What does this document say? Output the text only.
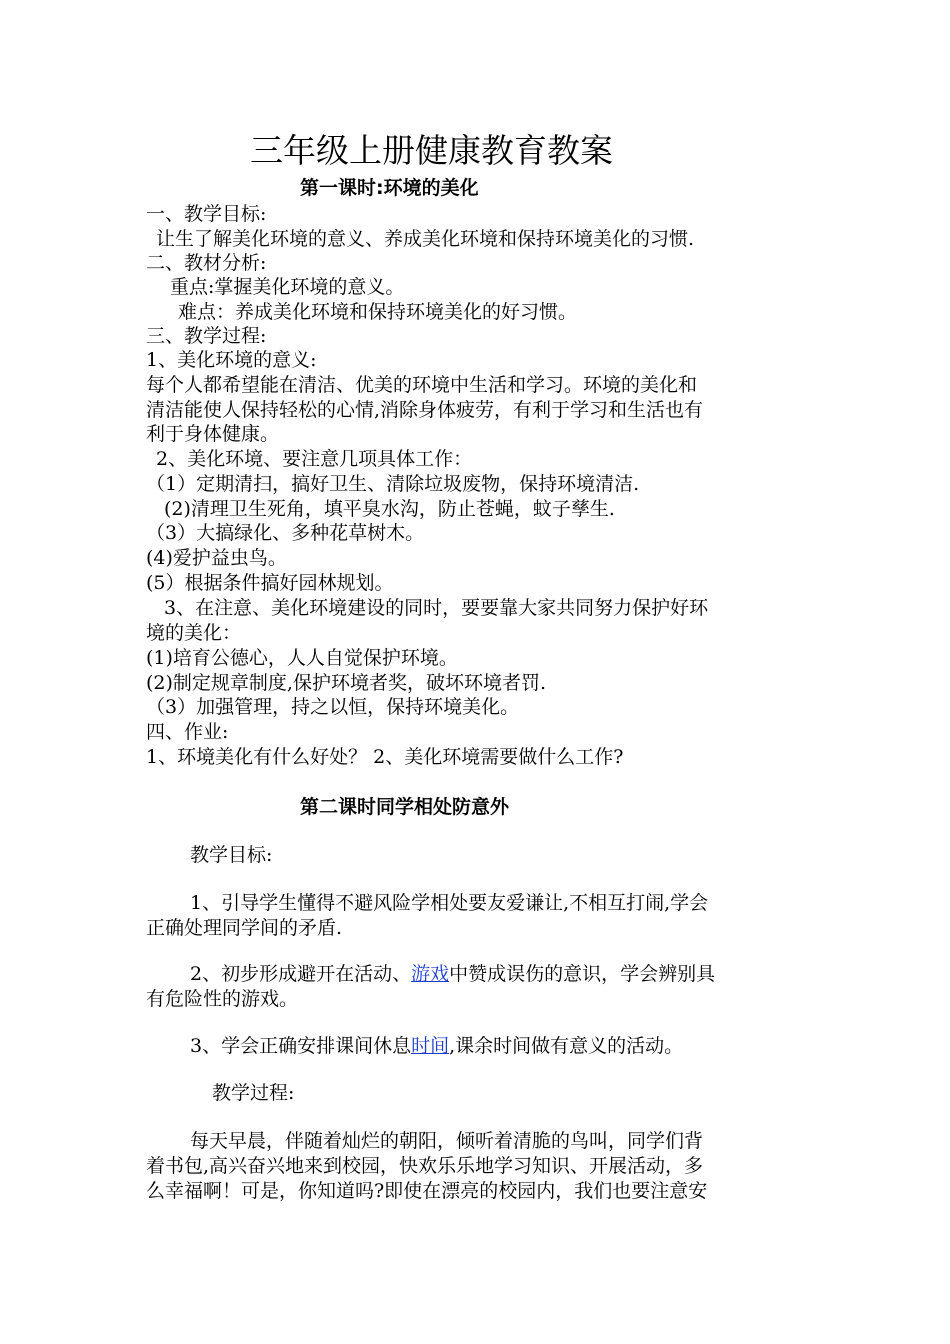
三年级上册健康教育教案
第一课时:环境的美化
一、教学目标:
让生了解美化环境的意义、养成美化环境和保持环境美化的习惯.
二、教材分析:
重点:掌握美化环境的意义。
难点：养成美化环境和保持环境美化的好习惯。
三、教学过程:
1、美化环境的意义:
每个人都希望能在清洁、优美的环境中生活和学习。环境的美化和
清洁能使人保持轻松的心情,消除身体疲劳，有利于学习和生活也有
利于身体健康。
2、美化环境、要注意几项具体工作：
（1）定期清扫，搞好卫生、清除垃圾废物，保持环境清洁.
(2)清理卫生死角，填平臭水沟，防止苍蝇，蚊子孳生.
（3）大搞绿化、多种花草树木。
(4)爱护益虫鸟。
(5）根据条件搞好园林规划。
3、在注意、美化环境建设的同时，要要靠大家共同努力保护好环
境的美化：
(1)培育公德心，人人自觉保护环境。
(2)制定规章制度,保护环境者奖，破坏环境者罚.
（3）加强管理，持之以恒，保持环境美化。
四、作业:
1、环境美化有什么好处？ 2、美化环境需要做什么工作?
第二课时同学相处防意外
教学目标:
1、引导学生懂得不避风险学相处要友爱谦让,不相互打闹,学会
正确处理同学间的矛盾.
2、初步形成避开在活动、游戏中赞成误伤的意识，学会辨别具
有危险性的游戏。
3、学会正确安排课间休息时间,课余时间做有意义的活动。
教学过程:
每天早晨，伴随着灿烂的朝阳，倾听着清脆的鸟叫，同学们背
着书包,高兴奋兴地来到校园，快欢乐乐地学习知识、开展活动，多
么幸福啊！可是，你知道吗?即使在漂亮的校园内，我们也要注意安
